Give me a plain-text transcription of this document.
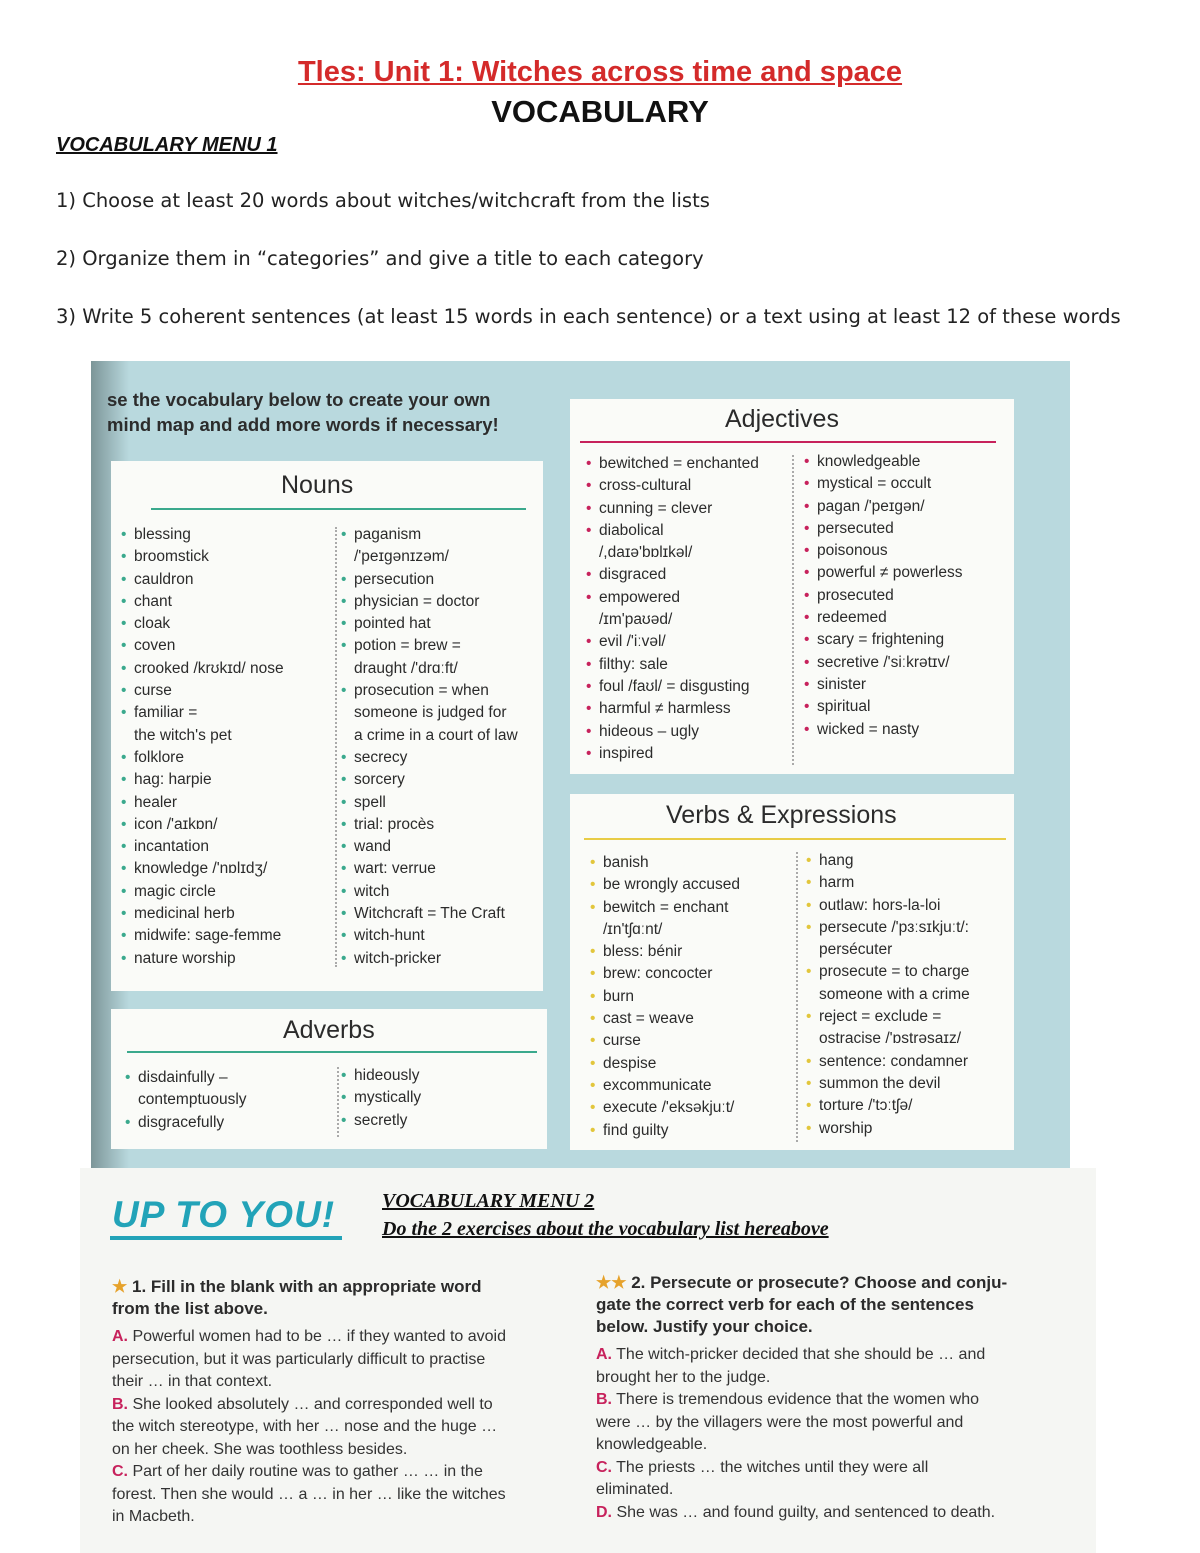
Tles: Unit 1: Witches across time and space
VOCABULARY
VOCABULARY MENU 1
1) Choose at least 20 words about witches/witchcraft from the lists
2) Organize them in “categories” and give a title to each category
3) Write 5 coherent sentences (at least 15 words in each sentence) or a text using at least 12 of these words
se the vocabulary below to create your own
mind map and add more words if necessary!
Nouns
• blessing
• broomstick
• cauldron
• chant
• cloak
• coven
• crooked /krʊkɪd/ nose
• curse
• familiar =
the witch's pet
• folklore
• hag: harpie
• healer
• icon /'aɪkɒn/
• incantation
• knowledge /'nɒlɪdʒ/
• magic circle
• medicinal herb
• midwife: sage-femme
• nature worship
• paganism
/'peɪgənɪzəm/
• persecution
• physician = doctor
• pointed hat
• potion = brew =
draught /'drɑːft/
• prosecution = when
someone is judged for
a crime in a court of law
• secrecy
• sorcery
• spell
• trial: procès
• wand
• wart: verrue
• witch
• Witchcraft = The Craft
• witch-hunt
• witch-pricker
Adjectives
• bewitched = enchanted
• cross-cultural
• cunning = clever
• diabolical
/,daɪə'bɒlɪkəl/
• disgraced
• empowered
/ɪm'paʊəd/
• evil /'iːvəl/
• filthy: sale
• foul /faʊl/ = disgusting
• harmful ≠ harmless
• hideous – ugly
• inspired
• knowledgeable
• mystical = occult
• pagan /'peɪgən/
• persecuted
• poisonous
• powerful ≠ powerless
• prosecuted
• redeemed
• scary = frightening
• secretive /'siːkrətɪv/
• sinister
• spiritual
• wicked = nasty
Verbs & Expressions
• banish
• be wrongly accused
• bewitch = enchant
/ɪn'tʃɑːnt/
• bless: bénir
• brew: concocter
• burn
• cast = weave
• curse
• despise
• excommunicate
• execute /'eksəkjuːt/
• find guilty
• hang
• harm
• outlaw: hors-la-loi
• persecute /'pɜːsɪkjuːt/:
persécuter
• prosecute = to charge
someone with a crime
• reject = exclude =
ostracise /'ɒstrəsaɪz/
• sentence: condamner
• summon the devil
• torture /'tɔːtʃə/
• worship
Adverbs
• disdainfully –
contemptuously
• disgracefully
• hideously
• mystically
• secretly
UP TO YOU! VOCABULARY MENU 2
Do the 2 exercises about the vocabulary list hereabove
★ 1. Fill in the blank with an appropriate word
from the list above.
A. Powerful women had to be … if they wanted to avoid
persecution, but it was particularly difficult to practise
their … in that context.
B. She looked absolutely … and corresponded well to
the witch stereotype, with her … nose and the huge …
on her cheek. She was toothless besides.
C. Part of her daily routine was to gather … … in the
forest. Then she would … a … in her … like the witches
in Macbeth.
★★ 2. Persecute or prosecute? Choose and conju-
gate the correct verb for each of the sentences
below. Justify your choice.
A. The witch-pricker decided that she should be … and
brought her to the judge.
B. There is tremendous evidence that the women who
were … by the villagers were the most powerful and
knowledgeable.
C. The priests … the witches until they were all
eliminated.
D. She was … and found guilty, and sentenced to death.
